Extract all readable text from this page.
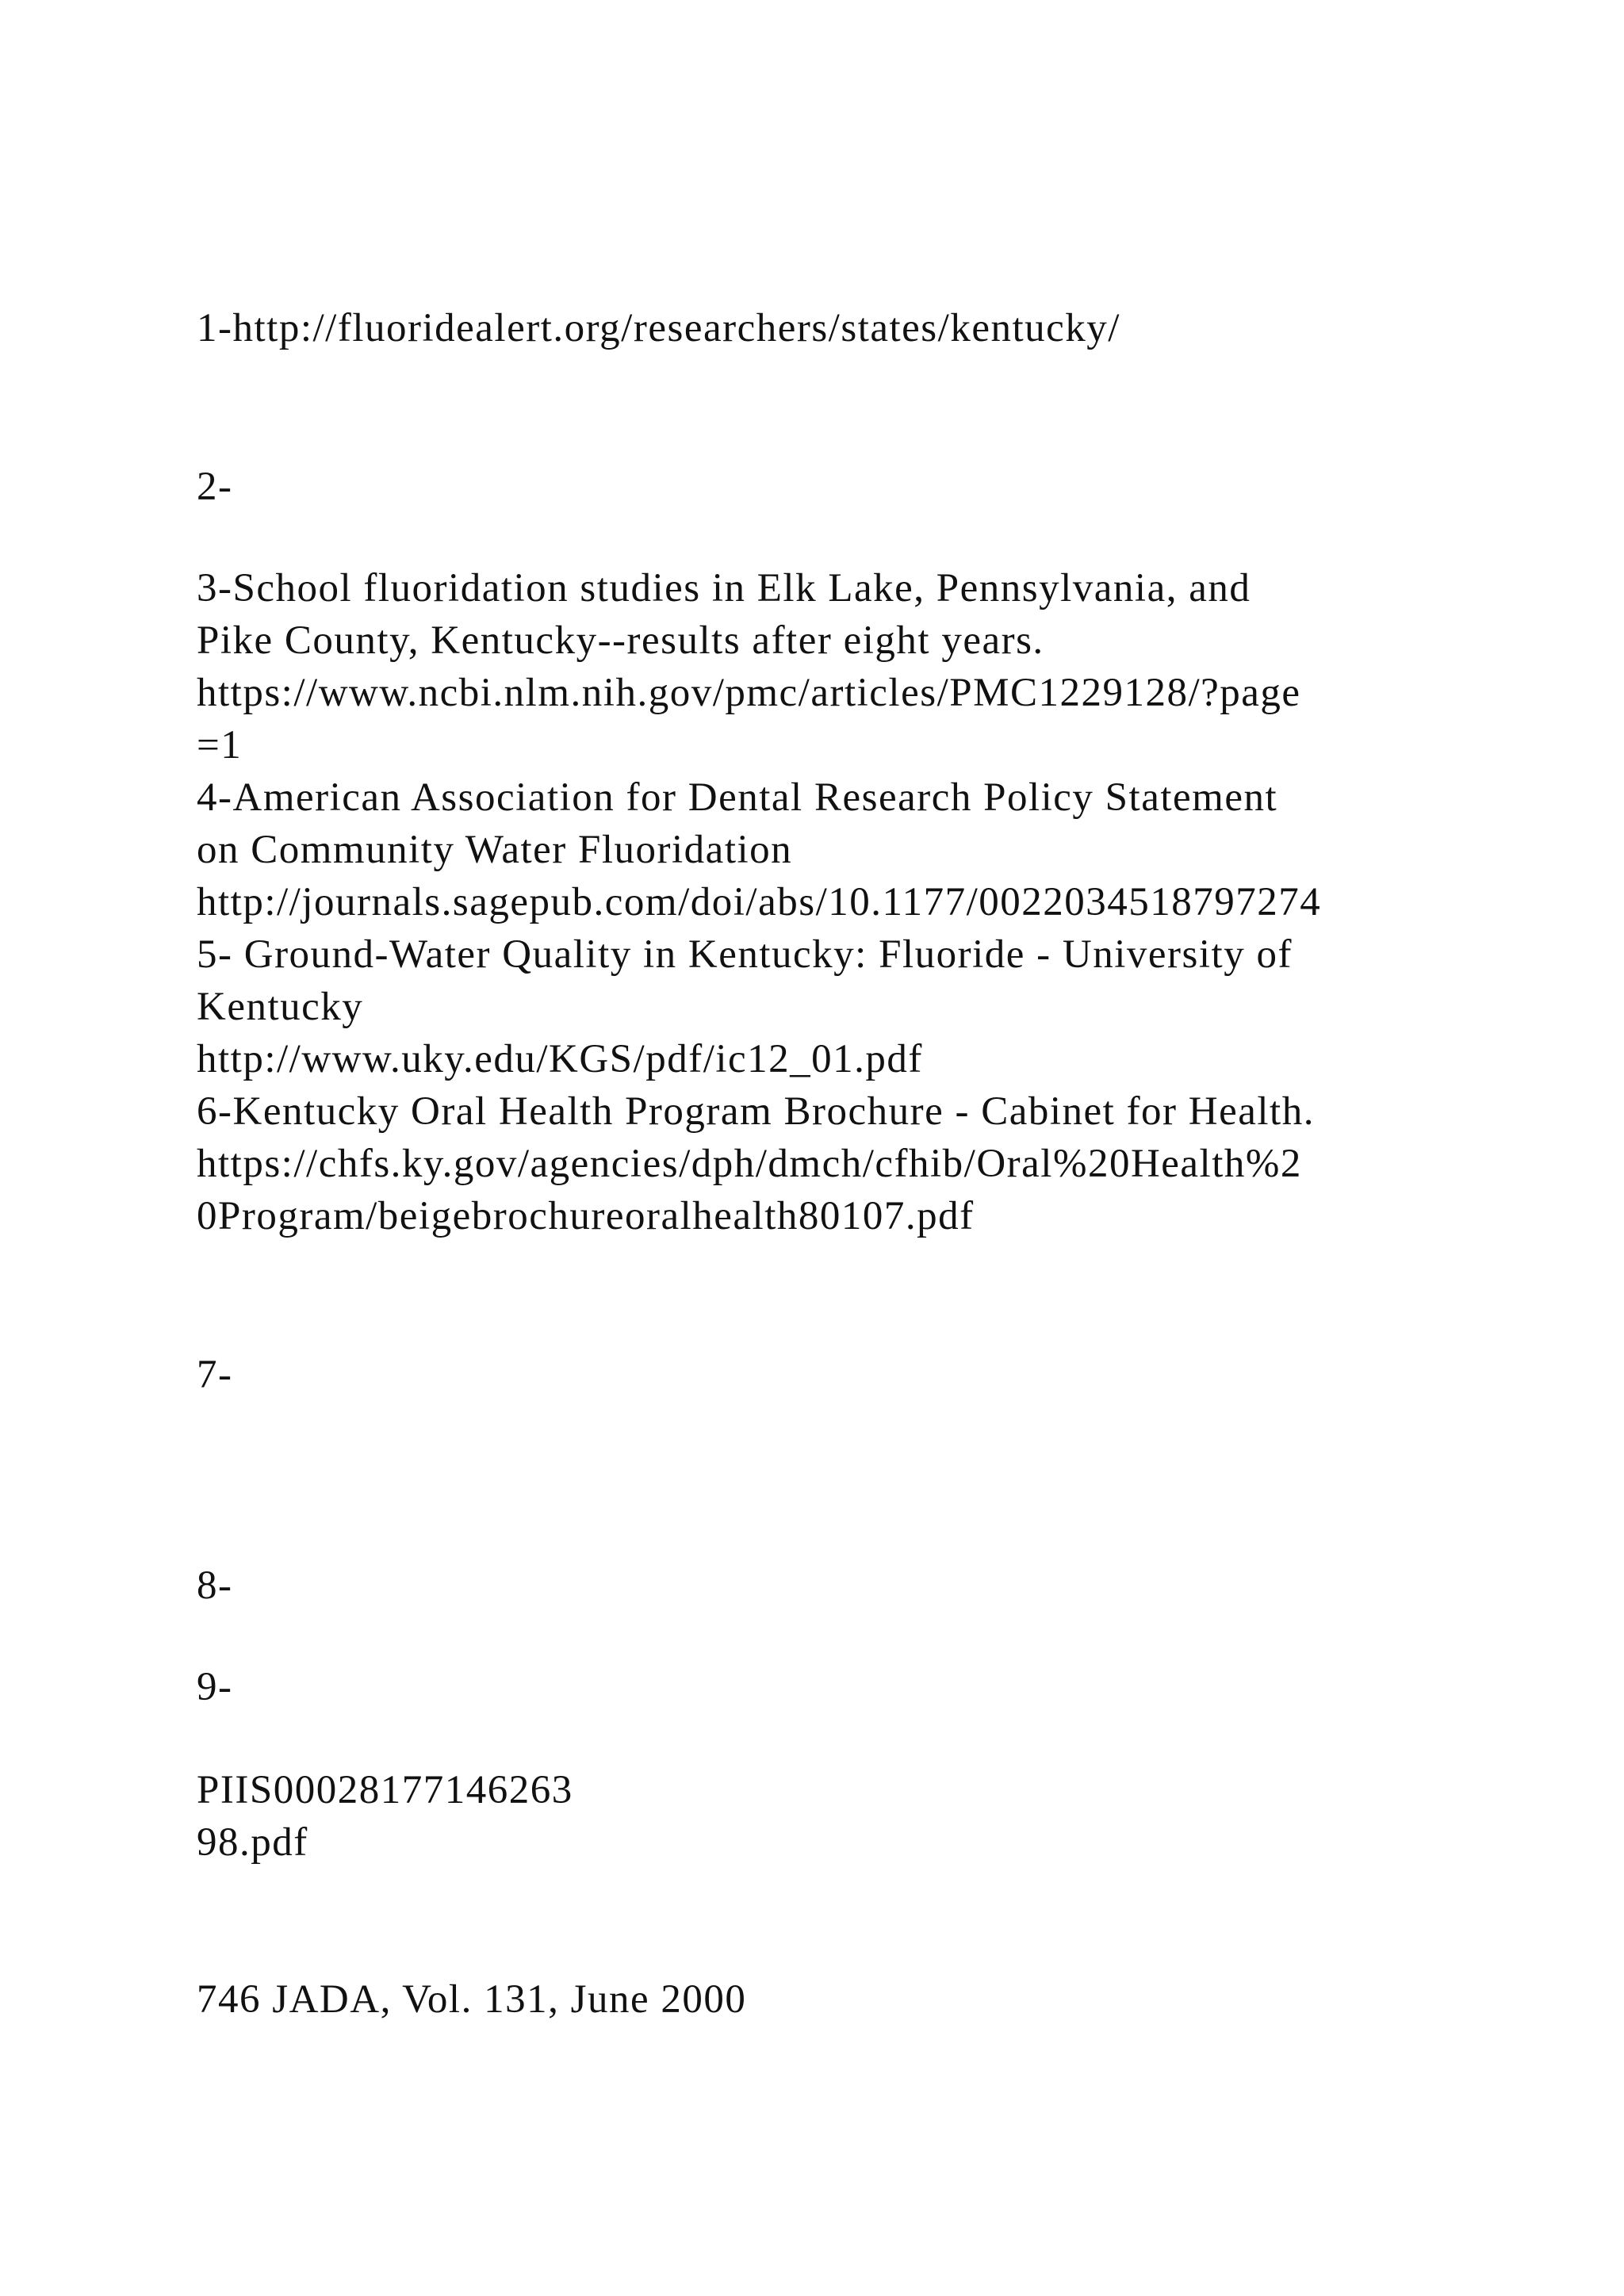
1-http://fluoridealert.org/researchers/states/kentucky/
2-
3-School fluoridation studies in Elk Lake, Pennsylvania, and
Pike County, Kentucky--results after eight years.
https://www.ncbi.nlm.nih.gov/pmc/articles/PMC1229128/?page
=1
4-American Association for Dental Research Policy Statement
on Community Water Fluoridation
http://journals.sagepub.com/doi/abs/10.1177/0022034518797274
5- Ground-Water Quality in Kentucky: Fluoride - University of
Kentucky
http://www.uky.edu/KGS/pdf/ic12_01.pdf
6-Kentucky Oral Health Program Brochure - Cabinet for Health.
https://chfs.ky.gov/agencies/dph/dmch/cfhib/Oral%20Health%2
0Program/beigebrochureoralhealth80107.pdf
7-
8-
9-
PIIS00028177146263
98.pdf
746 JADA, Vol. 131, June 2000
